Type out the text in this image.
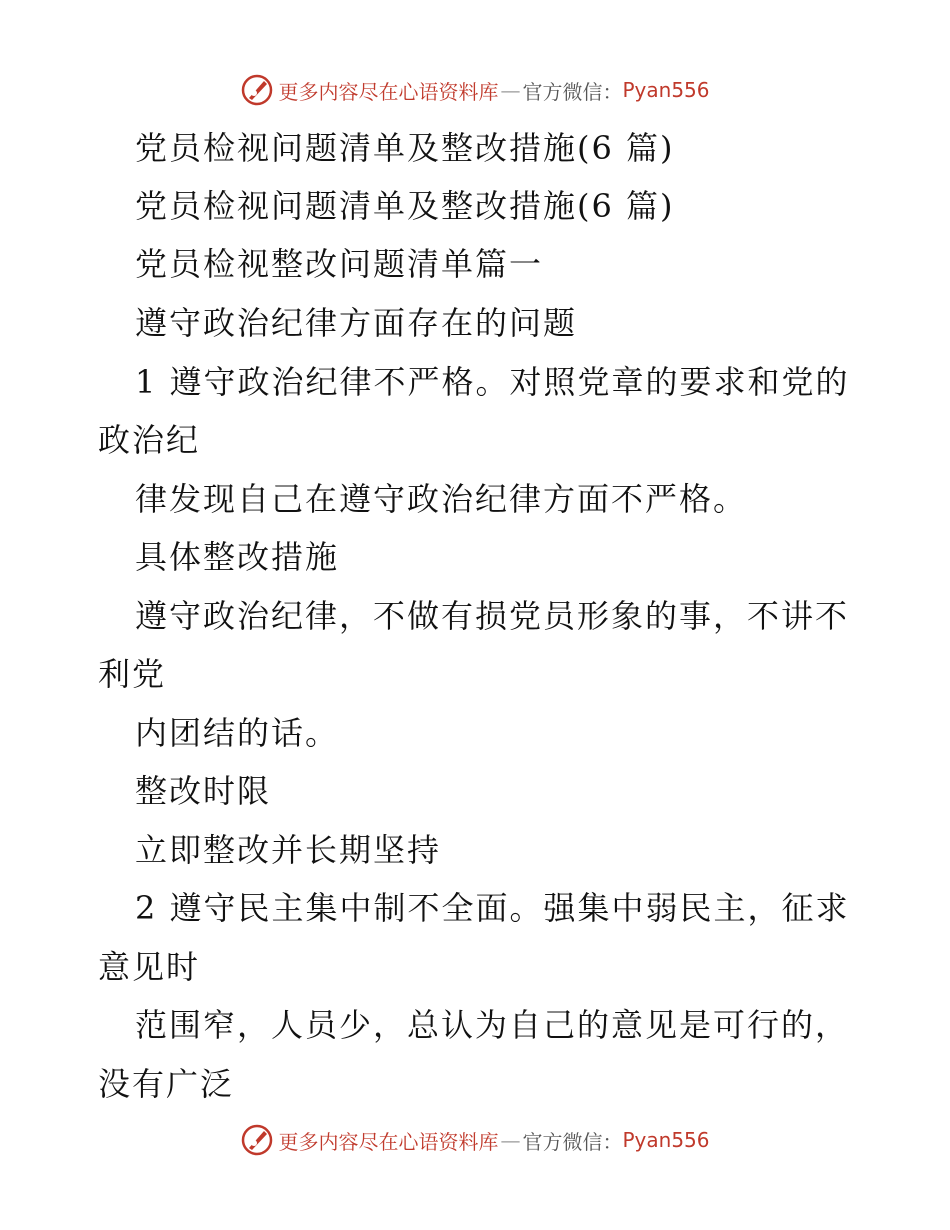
更多内容尽在心语资料库 — 官方微信： Pyan556
党员检视问题清单及整改措施(6 篇)
党员检视问题清单及整改措施(6 篇)
党员检视整改问题清单篇一
遵守政治纪律方面存在的问题
1 遵守政治纪律不严格。对照党章的要求和党的
政治纪
律发现自己在遵守政治纪律方面不严格。
具体整改措施
遵守政治纪律，不做有损党员形象的事，不讲不
利党
内团结的话。
整改时限
立即整改并长期坚持
2 遵守民主集中制不全面。强集中弱民主，征求
意见时
范围窄，人员少，总认为自己的意见是可行的，
没有广泛
更多内容尽在心语资料库 — 官方微信： Pyan556
